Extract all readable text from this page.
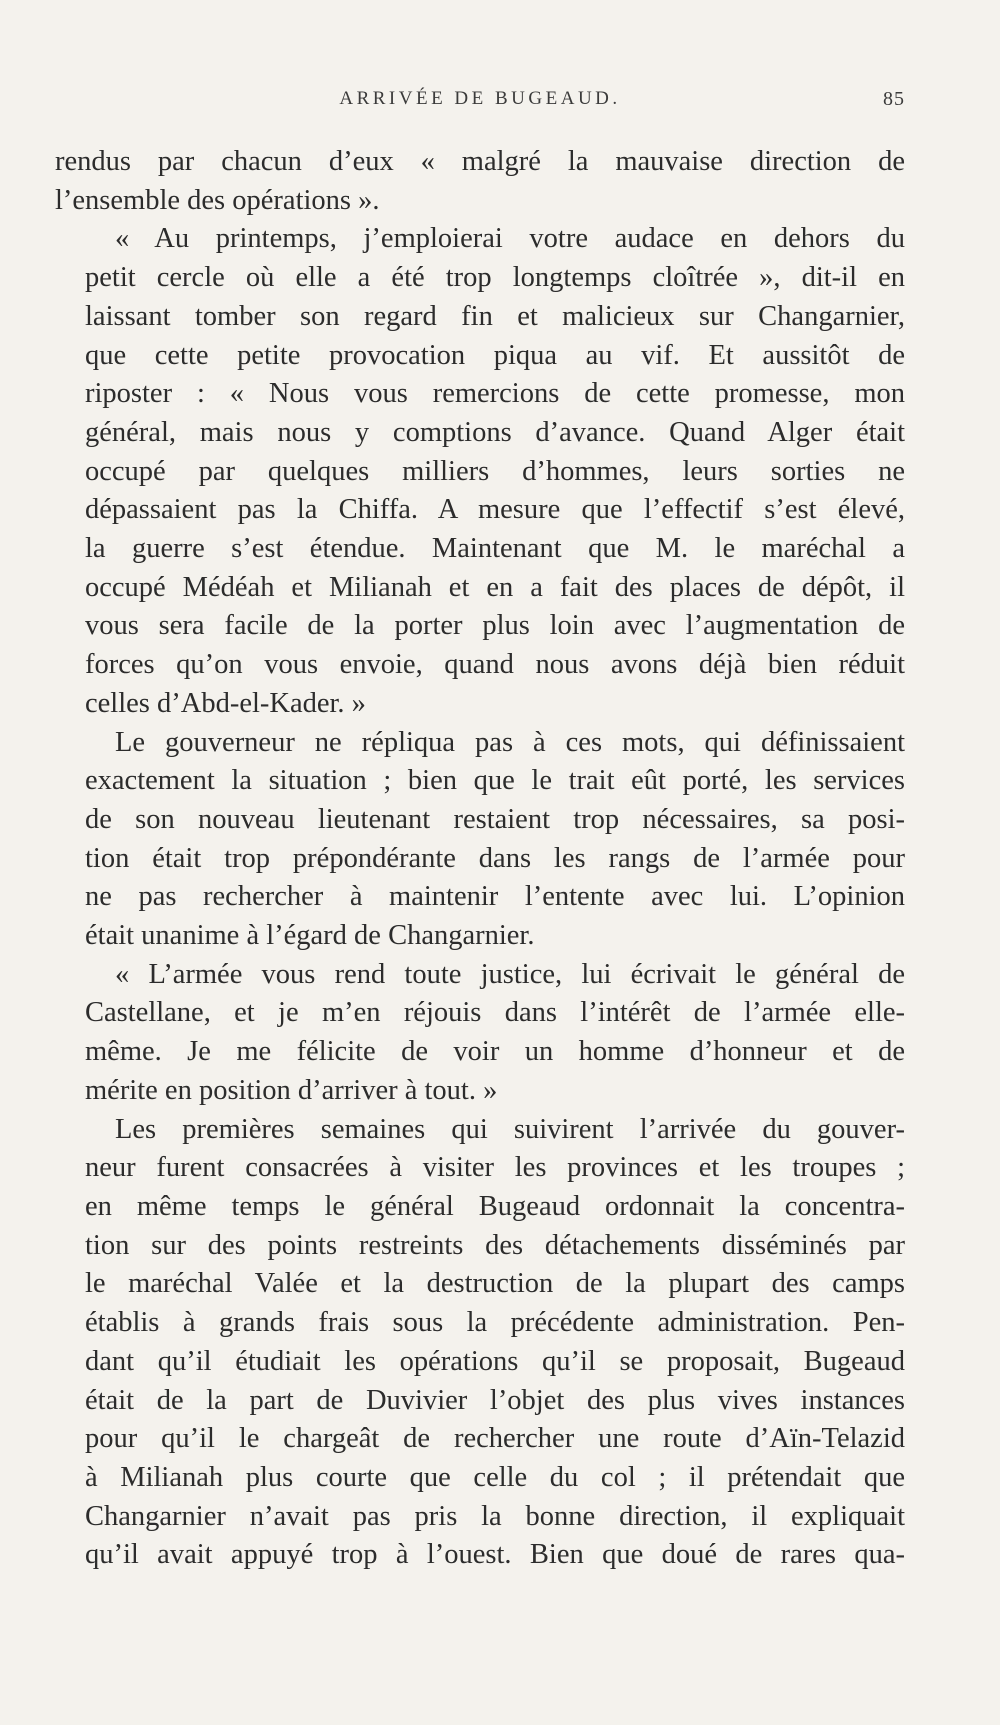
ARRIVÉE DE BUGEAUD.	85
rendus par chacun d’eux « malgré la mauvaise direction de
l’ensemble des opérations ».
« Au printemps, j’emploierai votre audace en dehors du
petit cercle où elle a été trop longtemps cloîtrée », dit-il en
laissant tomber son regard fin et malicieux sur Changarnier,
que cette petite provocation piqua au vif. Et aussitôt de
riposter : « Nous vous remercions de cette promesse, mon
général, mais nous y comptions d’avance. Quand Alger était
occupé par quelques milliers d’hommes, leurs sorties ne
dépassaient pas la Chiffa. A mesure que l’effectif s’est élevé,
la guerre s’est étendue. Maintenant que M. le maréchal a
occupé Médéah et Milianah et en a fait des places de dépôt, il
vous sera facile de la porter plus loin avec l’augmentation de
forces qu’on vous envoie, quand nous avons déjà bien réduit
celles d’Abd-el-Kader. »
Le gouverneur ne répliqua pas à ces mots, qui définissaient
exactement la situation ; bien que le trait eût porté, les services
de son nouveau lieutenant restaient trop nécessaires, sa posi-
tion était trop prépondérante dans les rangs de l’armée pour
ne pas rechercher à maintenir l’entente avec lui. L’opinion
était unanime à l’égard de Changarnier.
« L’armée vous rend toute justice, lui écrivait le général de
Castellane, et je m’en réjouis dans l’intérêt de l’armée elle-
même. Je me félicite de voir un homme d’honneur et de
mérite en position d’arriver à tout. »
Les premières semaines qui suivirent l’arrivée du gouver-
neur furent consacrées à visiter les provinces et les troupes ;
en même temps le général Bugeaud ordonnait la concentra-
tion sur des points restreints des détachements disséminés par
le maréchal Valée et la destruction de la plupart des camps
établis à grands frais sous la précédente administration. Pen-
dant qu’il étudiait les opérations qu’il se proposait, Bugeaud
était de la part de Duvivier l’objet des plus vives instances
pour qu’il le chargeât de rechercher une route d’Aïn-Telazid
à Milianah plus courte que celle du col ; il prétendait que
Changarnier n’avait pas pris la bonne direction, il expliquait
qu’il avait appuyé trop à l’ouest. Bien que doué de rares qua-
